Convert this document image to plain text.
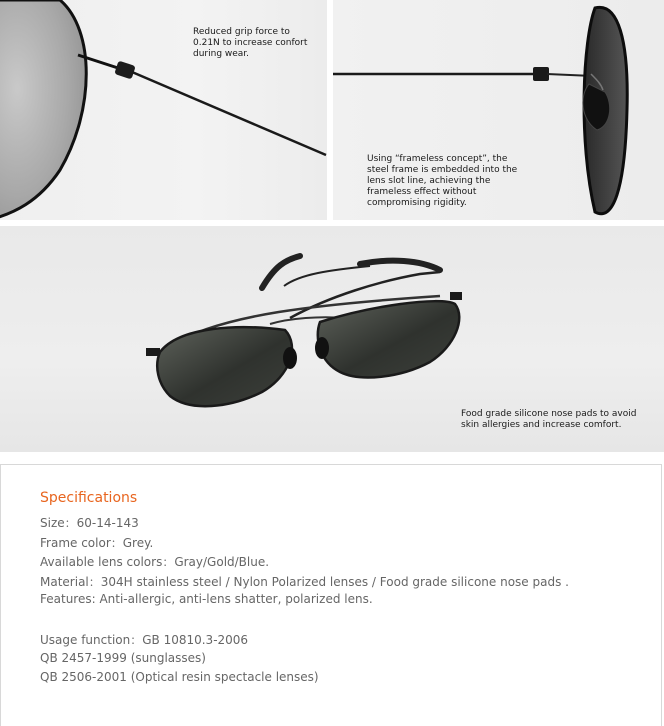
Reduced grip force to
0.21N to increase confort
during wear.
Using “frameless concept”, the
steel frame is embedded into the
lens slot line, achieving the
frameless effect without
compromising rigidity.
Food grade silicone nose pads to avoid
skin allergies and increase comfort.
Specifications
Size：60-14-143
Frame color：Grey.
Available lens colors：Gray/Gold/Blue.
Material：304H stainless steel / Nylon Polarized lenses / Food grade silicone nose pads .
Features: Anti-allergic, anti-lens shatter, polarized lens.
Usage function：GB 10810.3-2006
QB 2457-1999 (sunglasses)
QB 2506-2001 (Optical resin spectacle lenses)
